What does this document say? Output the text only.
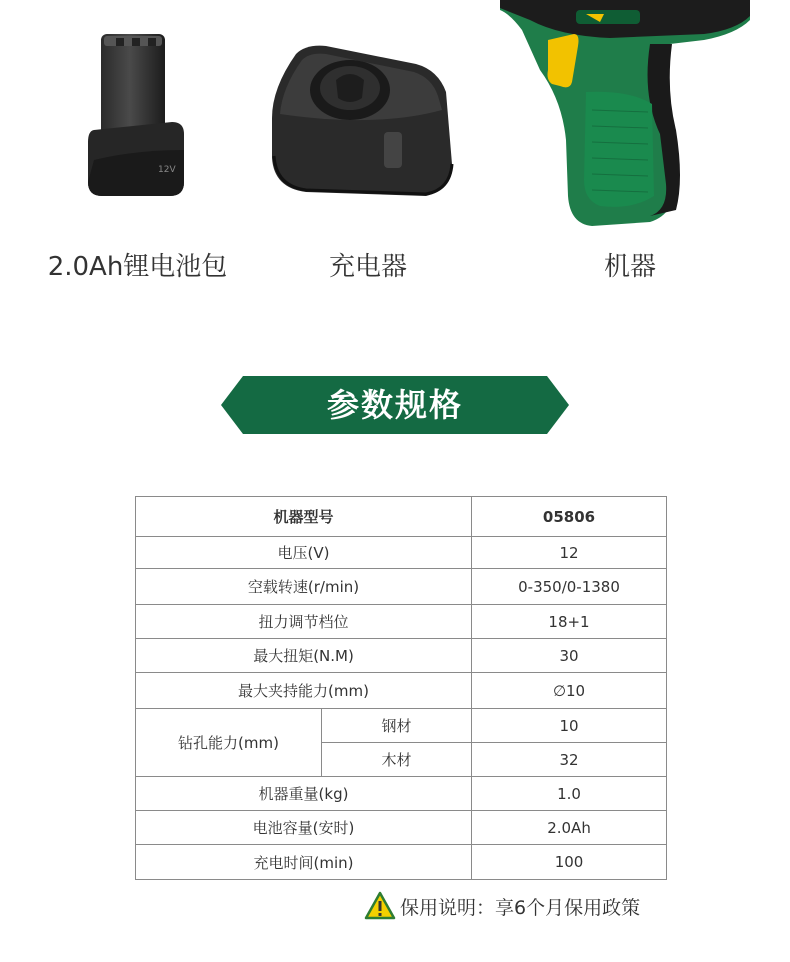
12V
2.0Ah锂电池包	充电器	机器
参数规格
机器型号		05806
电压(V)		12
空载转速(r/min)		0-350/0-1380
扭力调节档位		18+1
最大扭矩(N.M)		30
最大夹持能力(mm)		∅10
钻孔能力(mm)	钢材	10
	木材	32
机器重量(kg)		1.0
电池容量(安时)		2.0Ah
充电时间(min)		100
保用说明：享6个月保用政策
